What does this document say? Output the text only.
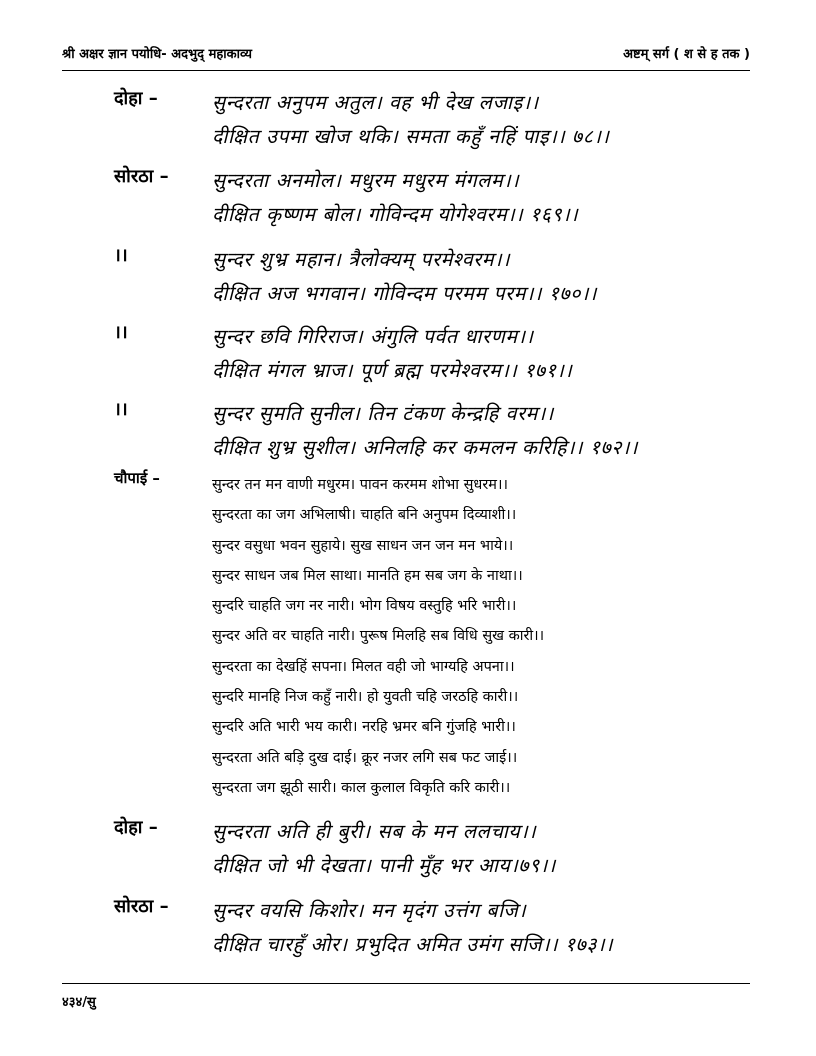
श्री अक्षर ज्ञान पयोधि- अदभुद् महाकाव्य	अष्टम् सर्ग ( श से ह तक )
दोहा –	सुन्दरता अनुपम अतुल। वह भी देख लजाइ।।
दीक्षित उपमा खोज थकि। समता कहुँ नहिं पाइ।। ७८।।
सोरठा – सुन्दरता अनमोल। मधुरम मधुरम मंगलम।।
दीक्षित कृष्णम बोल। गोविन्दम योगेश्वरम।। १६९।।
।।	सुन्दर शुभ्र महान। त्रैलोक्यम् परमेश्वरम।।
दीक्षित अज भगवान। गोविन्दम परमम परम।। १७०।।
।।	सुन्दर छवि गिरिराज। अंगुलि पर्वत धारणम।।
दीक्षित मंगल भ्राज। पूर्ण ब्रह्म परमेश्वरम।। १७१।।
।।	सुन्दर सुमति सुनील। तिन टंकण केन्द्रहि वरम।।
दीक्षित शुभ्र सुशील। अनिलहि कर कमलन करिहि।। १७२।।
चौपाई –	सुन्दर तन मन वाणी मधुरम। पावन करमम शोभा सुधरम।।
सुन्दरता का जग अभिलाषी। चाहति बनि अनुपम दिव्याशी।।
सुन्दर वसुधा भवन सुहाये। सुख साधन जन जन मन भाये।।
सुन्दर साधन जब मिल साथा। मानति हम सब जग के नाथा।।
सुन्दरि चाहति जग नर नारी। भोग विषय वस्तुहि भरि भारी।।
सुन्दर अति वर चाहति नारी। पुरूष मिलहि सब विधि सुख कारी।।
सुन्दरता का देखहिं सपना। मिलत वही जो भाग्यहि अपना।।
सुन्दरि मानहि निज कहुँ नारी। हो युवती चहि जरठहि कारी।।
सुन्दरि अति भारी भय कारी। नरहि भ्रमर बनि गुंजहि भारी।।
सुन्दरता अति बड़ि दुख दाई। क्रूर नजर लगि सब फट जाई।।
सुन्दरता जग झूठी सारी। काल कुलाल विकृति करि कारी।।
दोहा –	सुन्दरता अति ही बुरी। सब के मन ललचाय।।
दीक्षित जो भी देखता। पानी मुँह भर आय।७९।।
सोरठा – सुन्दर वयसि किशोर। मन मृदंग उत्तंग बजि।
दीक्षित चारहुँ ओर। प्रभुदित अमित उमंग सजि।। १७३।।
४३४/सु
